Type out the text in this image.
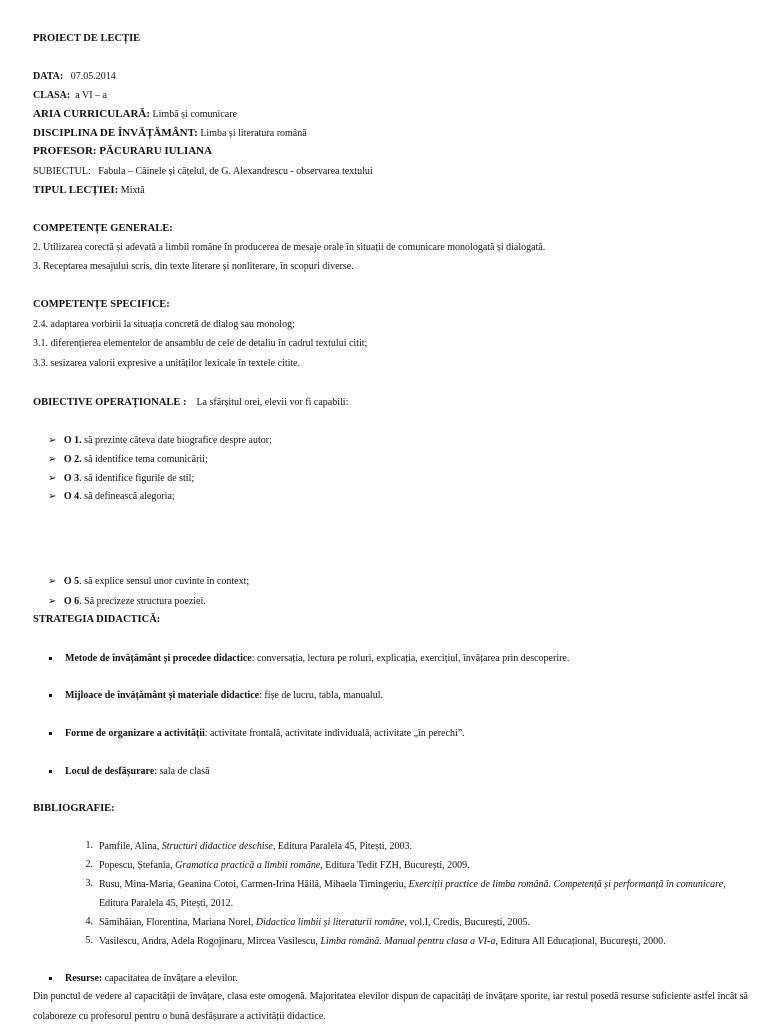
PROIECT DE LECȚIE
DATA: 07.05.2014
CLASA: a VI – a
ARIA CURRICULARĂ: Limbă și comunicare
DISCIPLINA DE ÎNVĂȚĂMÂNT: Limba și literatura română
PROFESOR: PĂCURARU IULIANA
SUBIECTUL:   Fabula – Câinele și cățelul, de G. Alexandrescu - observarea textului
TIPUL LECȚIEI: Mixtă
COMPETENȚE GENERALE:
2. Utilizarea corectă și adevată a limbii române în producerea de mesaje orale în situații de comunicare monologată și dialogată.
3. Receptarea mesajului scris, din texte literare și nonliterare, în scopuri diverse.
COMPETENȚE SPECIFICE:
2.4. adaptarea vorbirii la situația concretă de dialog sau monolog;
3.1. diferențierea elementelor de ansamblu de cele de detaliu în cadrul textului citit;
3.3. sesizarea valorii expresive a unităților lexicale în textele citite.
OBIECTIVE OPERAȚIONALE : La sfârșitul orei, elevii vor fi capabili:
➢ O 1. să prezinte câteva date biografice despre autor;
➢ O 2. să identifice tema comunicării;
➢ O 3. să identifice figurile de stil;
➢ O 4. să definească alegoria;
➢ O 5. să explice sensul unor cuvinte în context;
➢ O 6. Să precizeze structura poeziei.
STRATEGIA DIDACTICĂ:
Metode de învățământ și procedee didactice: conversația, lectura pe roluri, explicația, exercițiul, învățarea prin descoperire.
Mijloace de învățământ și materiale didactice: fișe de lucru, tabla, manualul.
Forme de organizare a activității: activitate frontală, activitate individuală, activitate „în perechi”.
Locul de desfășurare: sala de clasă
BIBLIOGRAFIE:
1. Pamfile, Alina, Structuri didactice deschise, Editura Paralela 45, Pitești, 2003.
2. Popescu, Ștefania, Gramatica practică a limbii române, Editura Tedit FZH, București, 2009.
3. Rusu, Mina-Maria, Geanina Cotoi, Carmen-Irina Hăilă, Mihaela Timingeriu, Exerciții practice de limba română. Competență și performanță în comunicare, Editura Paralela 45, Pitești, 2012.
4. Sâmihăian, Florentina, Mariana Norel, Didactica limbii și literaturii române, vol.I, Credis, București, 2005.
5. Vasilescu, Andra, Adela Rogojinaru, Mircea Vasilescu, Limba română. Manual pentru clasa a VI-a, Editura All Educațional, București, 2000.
Resurse: capacitatea de învățare a elevilor.
Din punctul de vedere al capacității de învățare, clasa este omogenă. Majoritatea elevilor dispun de capacități de învățare sporite, iar restul posedă resurse suficiente astfel încât să colaboreze cu profesorul pentru o bună desfășurare a activității didactice.
